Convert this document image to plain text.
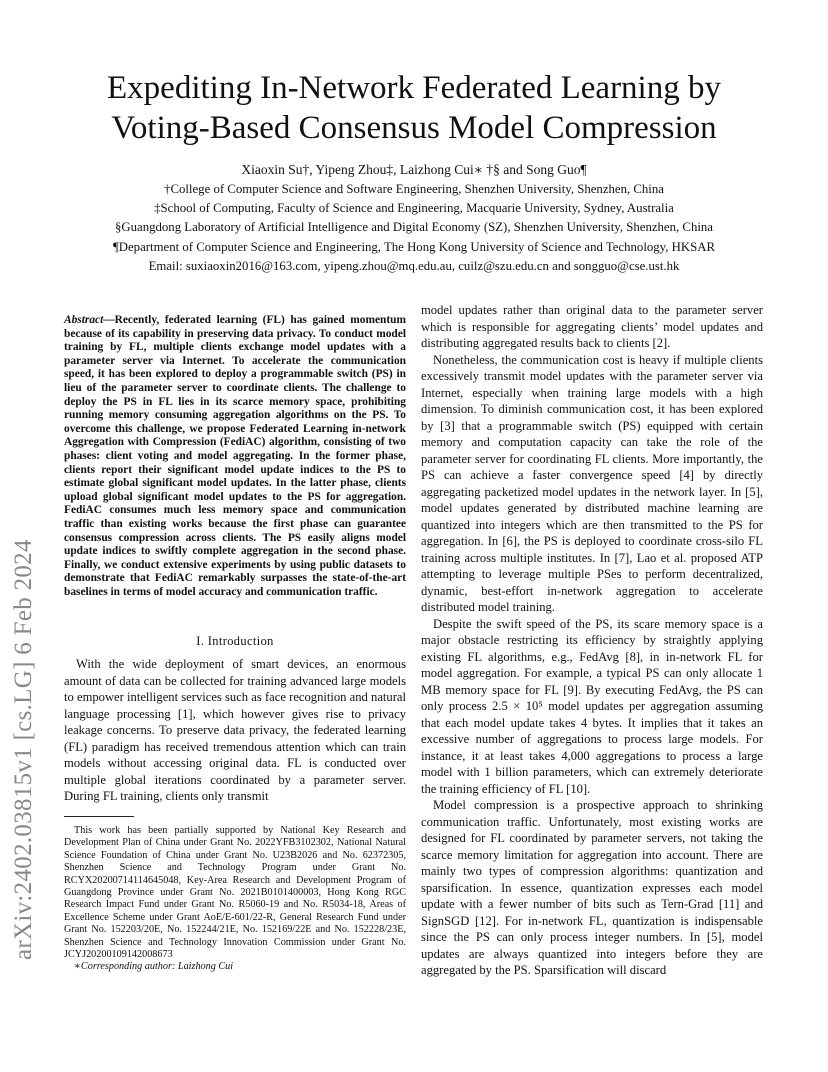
Expediting In-Network Federated Learning by Voting-Based Consensus Model Compression
Xiaoxin Su†, Yipeng Zhou‡, Laizhong Cui∗ †§ and Song Guo¶
†College of Computer Science and Software Engineering, Shenzhen University, Shenzhen, China
‡School of Computing, Faculty of Science and Engineering, Macquarie University, Sydney, Australia
§Guangdong Laboratory of Artificial Intelligence and Digital Economy (SZ), Shenzhen University, Shenzhen, China
¶Department of Computer Science and Engineering, The Hong Kong University of Science and Technology, HKSAR
Email: suxiaoxin2016@163.com, yipeng.zhou@mq.edu.au, cuilz@szu.edu.cn and songguo@cse.ust.hk
arXiv:2402.03815v1 [cs.LG] 6 Feb 2024
Abstract—Recently, federated learning (FL) has gained momentum because of its capability in preserving data privacy. To conduct model training by FL, multiple clients exchange model updates with a parameter server via Internet. To accelerate the communication speed, it has been explored to deploy a programmable switch (PS) in lieu of the parameter server to coordinate clients. The challenge to deploy the PS in FL lies in its scarce memory space, prohibiting running memory consuming aggregation algorithms on the PS. To overcome this challenge, we propose Federated Learning in-network Aggregation with Compression (FediAC) algorithm, consisting of two phases: client voting and model aggregating. In the former phase, clients report their significant model update indices to the PS to estimate global significant model updates. In the latter phase, clients upload global significant model updates to the PS for aggregation. FediAC consumes much less memory space and communication traffic than existing works because the first phase can guarantee consensus compression across clients. The PS easily aligns model update indices to swiftly complete aggregation in the second phase. Finally, we conduct extensive experiments by using public datasets to demonstrate that FediAC remarkably surpasses the state-of-the-art baselines in terms of model accuracy and communication traffic.
I. Introduction

With the wide deployment of smart devices, an enormous amount of data can be collected for training advanced large models to empower intelligent services such as face recognition and natural language processing [1], which however gives rise to privacy leakage concerns. To preserve data privacy, the federated learning (FL) paradigm has received tremendous attention which can train models without accessing original data. FL is conducted over multiple global iterations coordinated by a parameter server. During FL training, clients only transmit

This work has been partially supported by National Key Research and Development Plan of China under Grant No. 2022YFB3102302, National Natural Science Foundation of China under Grant No. U23B2026 and No. 62372305, Shenzhen Science and Technology Program under Grant No. RCYX20200714114645048, Key-Area Research and Development Program of Guangdong Province under Grant No. 2021B0101400003, Hong Kong RGC Research Impact Fund under Grant No. R5060-19 and No. R5034-18, Areas of Excellence Scheme under Grant AoE/E-601/22-R, General Research Fund under Grant No. 152203/20E, No. 152244/21E, No. 152169/22E and No. 152228/23E, Shenzhen Science and Technology Innovation Commission under Grant No. JCYJ20200109142008673

∗Corresponding author: Laizhong Cui

model updates rather than original data to the parameter server which is responsible for aggregating clients’ model updates and distributing aggregated results back to clients [2].

Nonetheless, the communication cost is heavy if multiple clients excessively transmit model updates with the parameter server via Internet, especially when training large models with a high dimension. To diminish communication cost, it has been explored by [3] that a programmable switch (PS) equipped with certain memory and computation capacity can take the role of the parameter server for coordinating FL clients. More importantly, the PS can achieve a faster convergence speed [4] by directly aggregating packetized model updates in the network layer. In [5], model updates generated by distributed machine learning are quantized into integers which are then transmitted to the PS for aggregation. In [6], the PS is deployed to coordinate cross-silo FL training across multiple institutes. In [7], Lao et al. proposed ATP attempting to leverage multiple PSes to perform decentralized, dynamic, best-effort in-network aggregation to accelerate distributed model training.

Despite the swift speed of the PS, its scare memory space is a major obstacle restricting its efficiency by straightly applying existing FL algorithms, e.g., FedAvg [8], in in-network FL for model aggregation. For example, a typical PS can only allocate 1 MB memory space for FL [9]. By executing FedAvg, the PS can only process 2.5 × 10⁵ model updates per aggregation assuming that each model update takes 4 bytes. It implies that it takes an excessive number of aggregations to process large models. For instance, it at least takes 4,000 aggregations to process a large model with 1 billion parameters, which can extremely deteriorate the training efficiency of FL [10].

Model compression is a prospective approach to shrinking communication traffic. Unfortunately, most existing works are designed for FL coordinated by parameter servers, not taking the scarce memory limitation for aggregation into account. There are mainly two types of compression algorithms: quantization and sparsification. In essence, quantization expresses each model update with a fewer number of bits such as Tern-Grad [11] and SignSGD [12]. For in-network FL, quantization is indispensable since the PS can only process integer numbers. In [5], model updates are always quantized into integers before they are aggregated by the PS. Sparsification will discard
